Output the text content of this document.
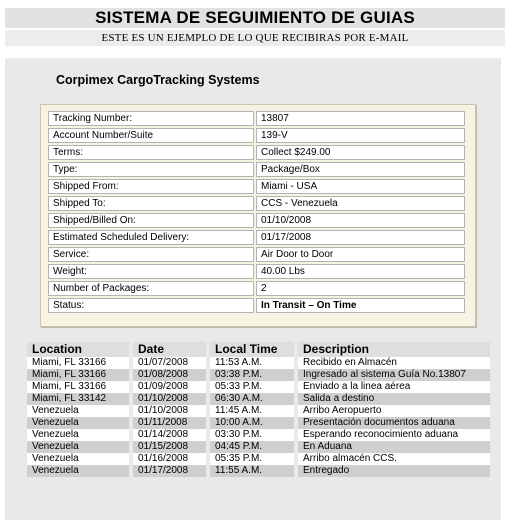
SISTEMA DE SEGUIMIENTO DE GUIAS
ESTE ES UN EJEMPLO DE LO QUE RECIBIRAS POR E-MAIL
Corpimex CargoTracking Systems
Tracking Number:	13807
Account Number/Suite	139-V
Terms:	Collect $249.00
Type:	Package/Box
Shipped From:	Miami - USA
Shipped To:	CCS - Venezuela
Shipped/Billed On:	01/10/2008
Estimated Scheduled Delivery:	01/17/2008
Service:	Air Door to Door
Weight:	40.00 Lbs
Number of Packages:	2
Status:	In Transit – On Time
Location	Date	Local Time	Description
Miami, FL 33166	01/07/2008	11:53 A.M.	Recibido en Almacén
Miami, FL 33166	01/08/2008	03:38 P.M.	Ingresado al sistema Guía No.13807
Miami, FL 33166	01/09/2008	05:33 P.M.	Enviado a la linea aérea
Miami, FL 33142	01/10/2008	06:30 A.M.	Salida a destino
Venezuela	01/10/2008	11:45 A.M.	Arribo Aeropuerto
Venezuela	01/11/2008	10:00 A.M.	Presentación documentos aduana
Venezuela	01/14/2008	03:30 P.M.	Esperando reconocimiento aduana
Venezuela	01/15/2008	04:45 P.M.	En Aduana
Venezuela	01/16/2008	05:35 P.M.	Arribo almacén CCS.
Venezuela	01/17/2008	11:55 A.M.	Entregado
